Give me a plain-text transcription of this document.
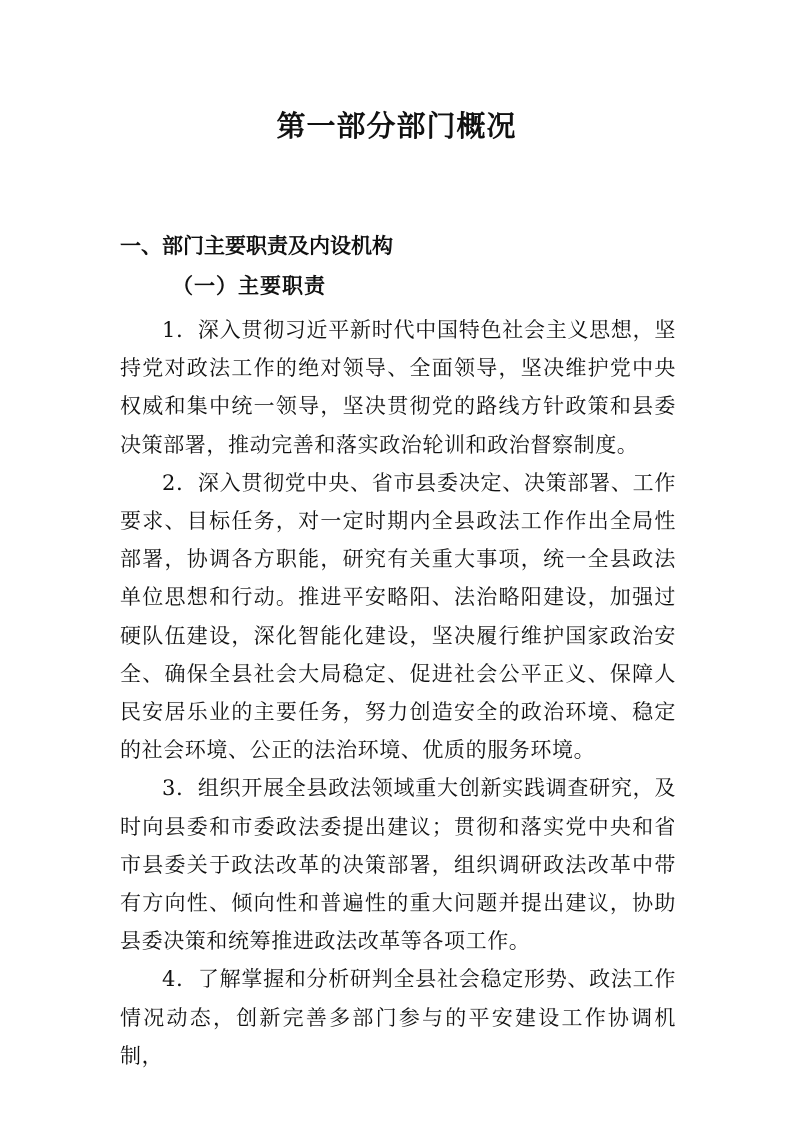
第一部分部门概况
一、部门主要职责及内设机构
（一）主要职责

1．深入贯彻习近平新时代中国特色社会主义思想，坚持党对政法工作的绝对领导、全面领导，坚决维护党中央权威和集中统一领导，坚决贯彻党的路线方针政策和县委决策部署，推动完善和落实政治轮训和政治督察制度。

2．深入贯彻党中央、省市县委决定、决策部署、工作要求、目标任务，对一定时期内全县政法工作作出全局性部署，协调各方职能，研究有关重大事项，统一全县政法单位思想和行动。推进平安略阳、法治略阳建设，加强过硬队伍建设，深化智能化建设，坚决履行维护国家政治安全、确保全县社会大局稳定、促进社会公平正义、保障人民安居乐业的主要任务，努力创造安全的政治环境、稳定的社会环境、公正的法治环境、优质的服务环境。

3．组织开展全县政法领域重大创新实践调查研究，及时向县委和市委政法委提出建议；贯彻和落实党中央和省市县委关于政法改革的决策部署，组织调研政法改革中带有方向性、倾向性和普遍性的重大问题并提出建议，协助县委决策和统筹推进政法改革等各项工作。

4．了解掌握和分析研判全县社会稳定形势、政法工作情况动态，创新完善多部门参与的平安建设工作协调机制，
